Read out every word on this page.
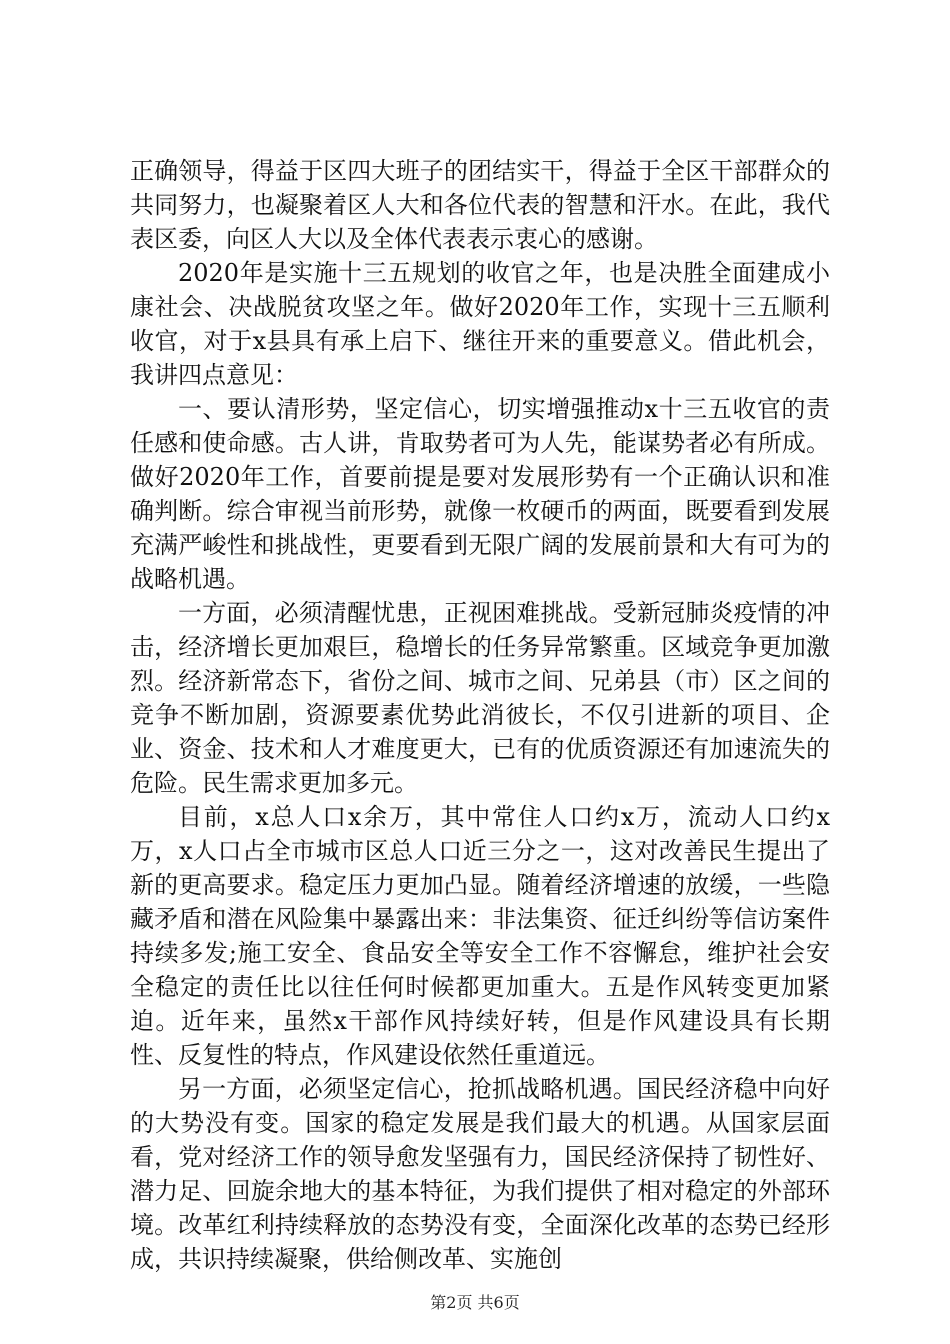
正确领导，得益于区四大班子的团结实干，得益于全区干部群众的共同努力，也凝聚着区人大和各位代表的智慧和汗水。在此，我代表区委，向区人大以及全体代表表示衷心的感谢。

2020年是实施十三五规划的收官之年，也是决胜全面建成小康社会、决战脱贫攻坚之年。做好2020年工作，实现十三五顺利收官，对于x县具有承上启下、继往开来的重要意义。借此机会，我讲四点意见：

一、要认清形势，坚定信心，切实增强推动x十三五收官的责任感和使命感。古人讲，肯取势者可为人先，能谋势者必有所成。做好2020年工作，首要前提是要对发展形势有一个正确认识和准确判断。综合审视当前形势，就像一枚硬币的两面，既要看到发展充满严峻性和挑战性，更要看到无限广阔的发展前景和大有可为的战略机遇。

一方面，必须清醒忧患，正视困难挑战。受新冠肺炎疫情的冲击，经济增长更加艰巨，稳增长的任务异常繁重。区域竞争更加激烈。经济新常态下，省份之间、城市之间、兄弟县（市）区之间的竞争不断加剧，资源要素优势此消彼长，不仅引进新的项目、企业、资金、技术和人才难度更大，已有的优质资源还有加速流失的危险。民生需求更加多元。

目前，x总人口x余万，其中常住人口约x万，流动人口约x万，x人口占全市城市区总人口近三分之一，这对改善民生提出了新的更高要求。稳定压力更加凸显。随着经济增速的放缓，一些隐藏矛盾和潜在风险集中暴露出来：非法集资、征迁纠纷等信访案件持续多发;施工安全、食品安全等安全工作不容懈怠，维护社会安全稳定的责任比以往任何时候都更加重大。五是作风转变更加紧迫。近年来，虽然x干部作风持续好转，但是作风建设具有长期性、反复性的特点，作风建设依然任重道远。

另一方面，必须坚定信心，抢抓战略机遇。国民经济稳中向好的大势没有变。国家的稳定发展是我们最大的机遇。从国家层面看，党对经济工作的领导愈发坚强有力，国民经济保持了韧性好、潜力足、回旋余地大的基本特征，为我们提供了相对稳定的外部环境。改革红利持续释放的态势没有变，全面深化改革的态势已经形成，共识持续凝聚，供给侧改革、实施创

第2页 共6页
